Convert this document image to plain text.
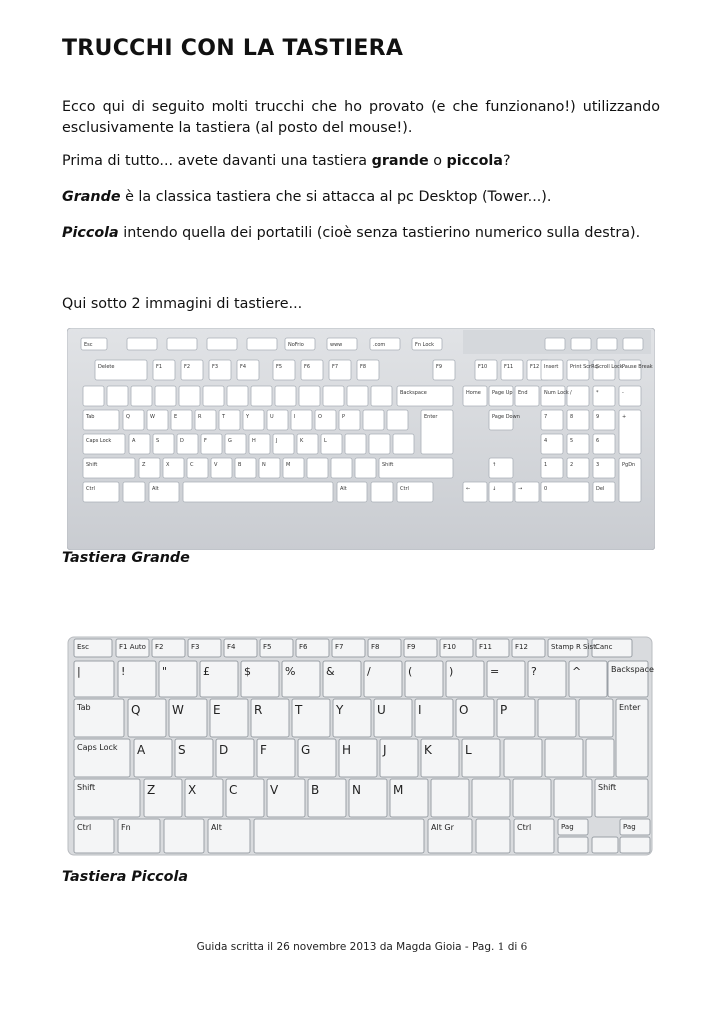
TRUCCHI CON LA TASTIERA

Ecco qui di seguito molti trucchi che ho provato (e che funzionano!) utilizzando esclusivamente la tastiera (al posto del mouse!).

Prima di tutto... avete davanti una tastiera grande o piccola?

Grande è la classica tastiera che si attacca al pc Desktop (Tower...).

Piccola intendo quella dei portatili (cioè senza tastierino numerico sulla destra).

Qui sotto 2 immagini di tastiere...

Esc	NoFrio	www	.com	Fn Lock
Delete	F1	F2	F3	F4	F5	F6	F7	F8	F9	F10	F11	F12 Insert Print ScrRq
Scroll Lock Pause Break
Backspace	Home Page Up End	Num Lock /	*	-
Tab	Q	W	E	R	T	Y	U	I	O	P	Enter	Page Down	7	8	9	+
Caps Lock	A	S	D	F	G	H	J	K	L	4	5	6
Shift	Z	X	C	V	B	N	M	Shift	↑	1	2	3	PgDn
Ctrl	Alt	Alt	Ctrl	←	↓	→	0	Del

Tastiera Grande

Esc	F1 Auto F2	F3	F4	F5	F6	F7	F8	F9	F10	F11	F12	Stamp R Sist Canc
|	!	"	£	$	%	&	/	(	)	=	?	^	Backspace
Tab	Q	W E	R	T	Y	U	I	O	P	Enter
Caps Lock A	S	D	F	G	H	J	K	L
Shift	Z	X	C	V	B	N	M	Shift
Ctrl	Fn	Alt	Alt Gr	Ctrl	Pag	Pag

Tastiera Piccola

Guida scritta il 26 novembre 2013 da Magda Gioia - Pag. 1 di 6
